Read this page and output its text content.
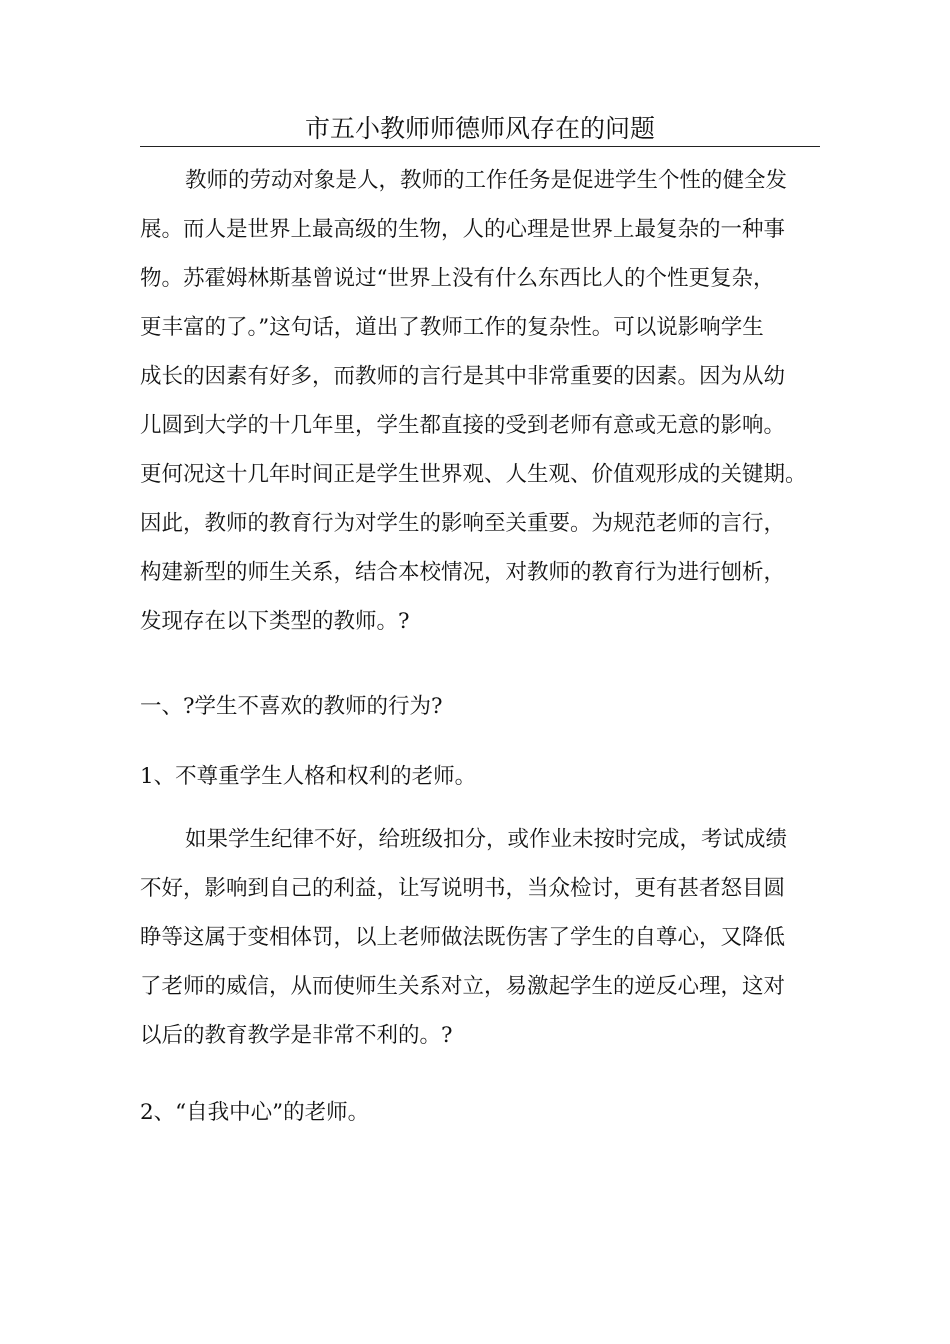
市五小教师师德师风存在的问题
教师的劳动对象是人，教师的工作任务是促进学生个性的健全发
展。而人是世界上最高级的生物，人的心理是世界上最复杂的一种事
物。苏霍姆林斯基曾说过“世界上没有什么东西比人的个性更复杂，
更丰富的了。”这句话，道出了教师工作的复杂性。可以说影响学生
成长的因素有好多，而教师的言行是其中非常重要的因素。因为从幼
儿圆到大学的十几年里，学生都直接的受到老师有意或无意的影响。
更何况这十几年时间正是学生世界观、人生观、价值观形成的关键期。
因此，教师的教育行为对学生的影响至关重要。为规范老师的言行，
构建新型的师生关系，结合本校情况，对教师的教育行为进行刨析，
发现存在以下类型的教师。?
一、?学生不喜欢的教师的行为?
1、不尊重学生人格和权利的老师。
如果学生纪律不好，给班级扣分，或作业未按时完成，考试成绩
不好，影响到自己的利益，让写说明书，当众检讨，更有甚者怒目圆
睁等这属于变相体罚，以上老师做法既伤害了学生的自尊心，又降低
了老师的威信，从而使师生关系对立，易激起学生的逆反心理，这对
以后的教育教学是非常不利的。?
2、“自我中心”的老师。
